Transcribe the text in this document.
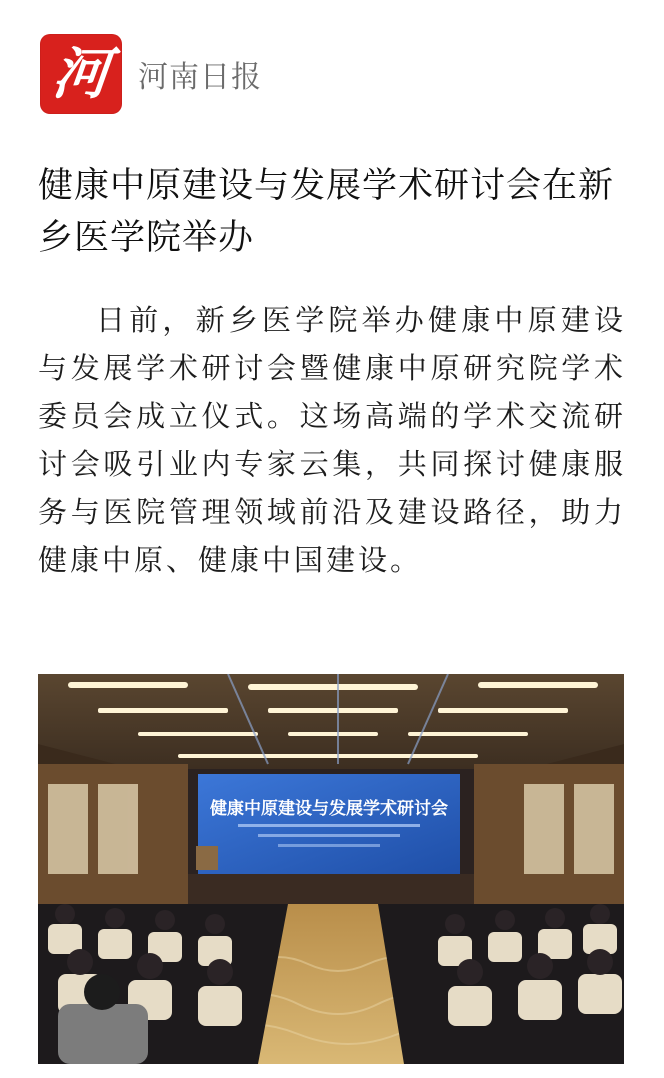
河 河南日报
健康中原建设与发展学术研讨会在新乡医学院举办

日前，新乡医学院举办健康中原建设与发展学术研讨会暨健康中原研究院学术委员会成立仪式。这场高端的学术交流研讨会吸引业内专家云集，共同探讨健康服务与医院管理领域前沿及建设路径，助力健康中原、健康中国建设。

健康中原建设与发展学术研讨会
